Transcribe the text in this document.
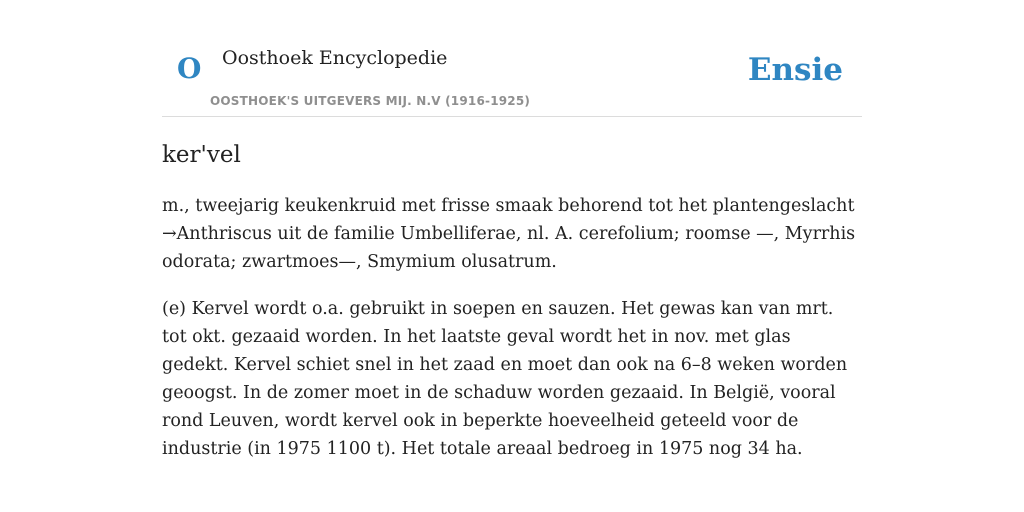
O Oosthoek Encyclopedie
OOSTHOEK'S UITGEVERS MIJ. N.V (1916-1925)
Ensie
ker'vel

m., tweejarig keukenkruid met frisse smaak behorend tot het plantengeslacht →Anthriscus uit de familie Umbelliferae, nl. A. cerefolium; roomse —, Myrrhis odorata; zwartmoes—, Smymium olusatrum.

(e) Kervel wordt o.a. gebruikt in soepen en sauzen. Het gewas kan van mrt. tot okt. gezaaid worden. In het laatste geval wordt het in nov. met glas gedekt. Kervel schiet snel in het zaad en moet dan ook na 6–8 weken worden geoogst. In de zomer moet in de schaduw worden gezaaid. In België, vooral rond Leuven, wordt kervel ook in beperkte hoeveelheid geteeld voor de industrie (in 1975 1100 t). Het totale areaal bedroeg in 1975 nog 34 ha.
